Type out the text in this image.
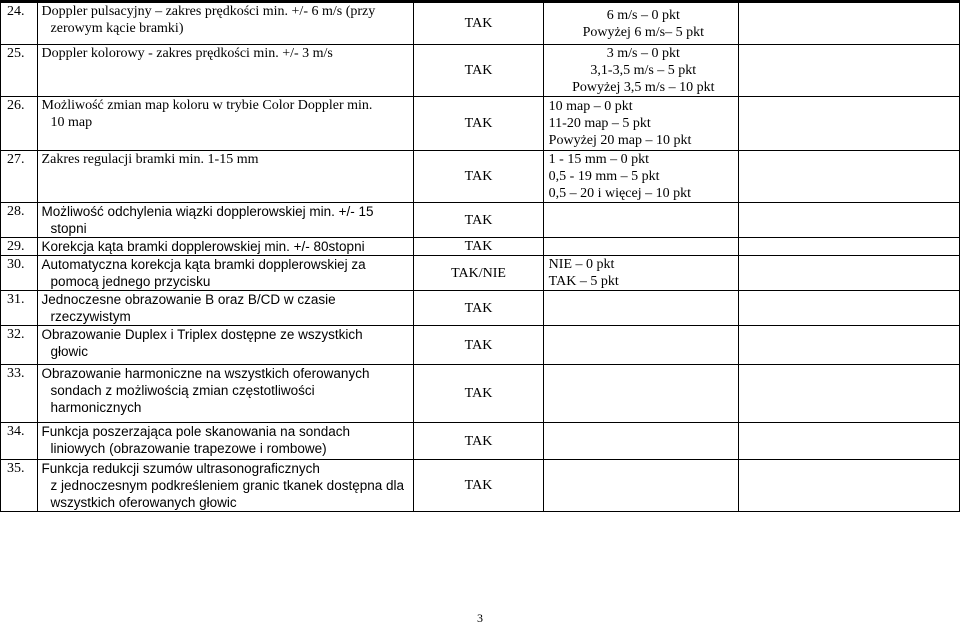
24.	Doppler pulsacyjny – zakres prędkości min. +/- 6 m/s (przy
zerowym kącie bramki)	TAK	6 m/s – 0 pkt
Powyżej 6 m/s– 5 pkt	

25.	Doppler kolorowy - zakres prędkości min. +/- 3 m/s	TAK	3 m/s – 0 pkt
3,1-3,5 m/s – 5 pkt
Powyżej 3,5 m/s – 10 pkt	

26.	Możliwość zmian map koloru w trybie Color Doppler min.
10 map	TAK	10 map – 0 pkt
11-20 map – 5 pkt
Powyżej 20 map – 10 pkt	

27.	Zakres regulacji bramki min. 1-15 mm	TAK	1 - 15 mm – 0 pkt
0,5 - 19 mm – 5 pkt
0,5 – 20 i więcej – 10 pkt	

28.	Możliwość odchylenia wiązki dopplerowskiej min. +/- 15
stopni	TAK		
29.	Korekcja kąta bramki dopplerowskiej min. +/- 80stopni	TAK		
30.	Automatyczna korekcja kąta bramki dopplerowskiej za
pomocą jednego przycisku	TAK/NIE	NIE – 0 pkt
TAK – 5 pkt	

31.	Jednoczesne obrazowanie B oraz B/CD w czasie
rzeczywistym	TAK		
32.	Obrazowanie Duplex i Triplex dostępne ze wszystkich
głowic	TAK		
33.	Obrazowanie harmoniczne na wszystkich oferowanych
sondach z możliwością zmian częstotliwości
harmonicznych	TAK		
34.	Funkcja poszerzająca pole skanowania na sondach
liniowych (obrazowanie trapezowe i rombowe)	TAK		
35.	Funkcja redukcji szumów ultrasonograficznych
z jednoczesnym podkreśleniem granic tkanek dostępna dla
wszystkich oferowanych głowic	TAK		
3
